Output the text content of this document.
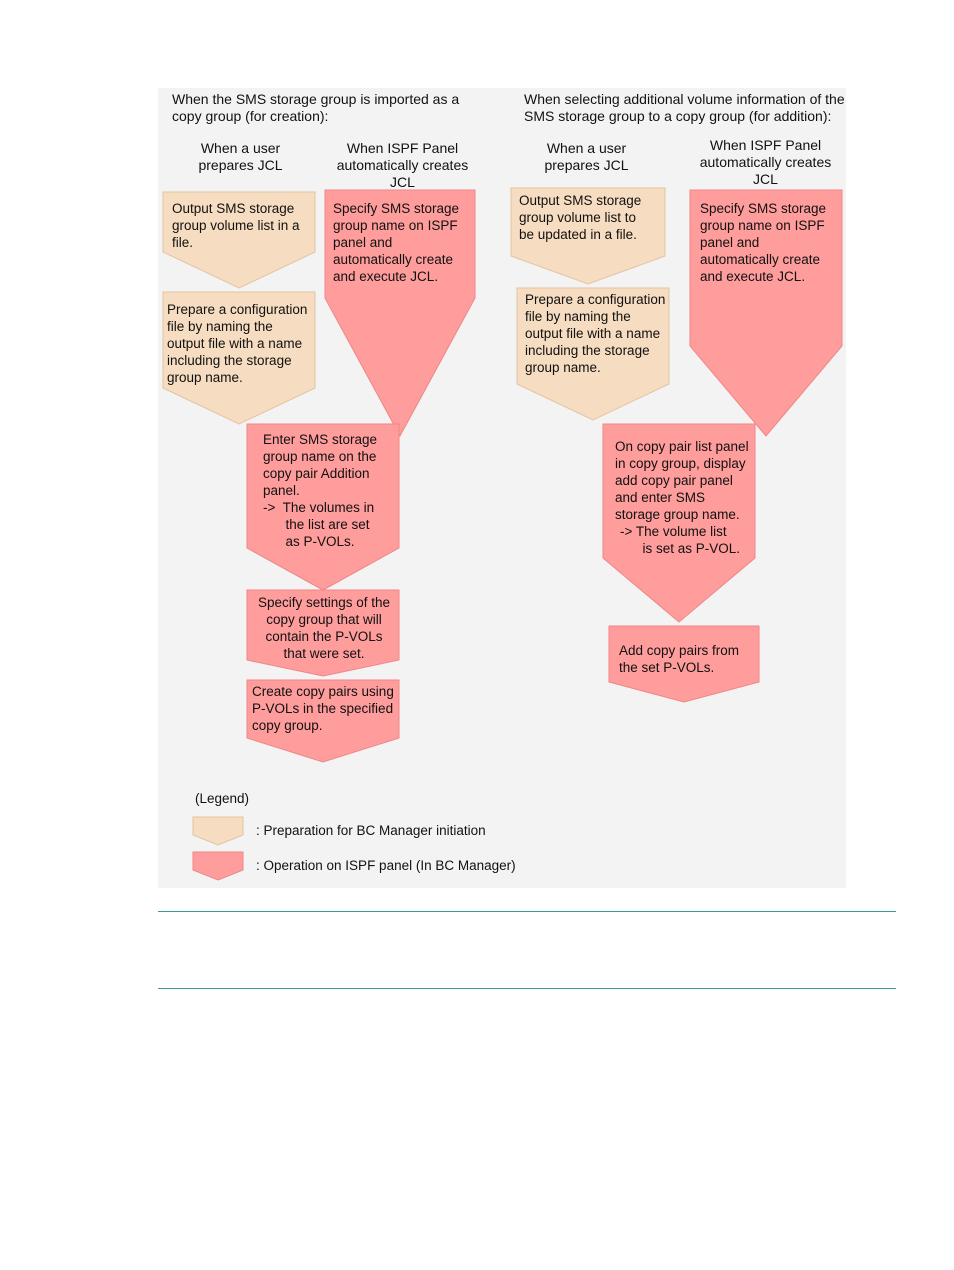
When the SMS storage group is imported as a
copy group (for creation):

When a user
prepares JCL

When ISPF Panel
automatically creates
JCL

Output SMS storage
group volume list in a
file.

Prepare a configuration
file by naming the
output file with a name
including the storage
group name.

Specify SMS storage
group name on ISPF
panel and
automatically create
and execute JCL.

Enter SMS storage
group name on the
copy pair Addition
panel.

->  The volumes in
the list are set
as P-VOLs.

Specify settings of the
copy group that will
contain the P-VOLs
that were set.

Create copy pairs using
P-VOLs in the specified
copy group.

When selecting additional volume information of the
SMS storage group to a copy group (for addition):

When a user
prepares JCL

When ISPF Panel
automatically creates
JCL

Output SMS storage
group volume list to
be updated in a file.

Prepare a configuration
file by naming the
output file with a name
including the storage
group name.

Specify SMS storage
group name on ISPF
panel and
automatically create
and execute JCL.

On copy pair list panel
in copy group, display
add copy pair panel
and enter SMS
storage group name.

-> The volume list
is set as P-VOL.

Add copy pairs from
the set P-VOLs.

(Legend)

: Preparation for BC Manager initiation

: Operation on ISPF panel (In BC Manager)
